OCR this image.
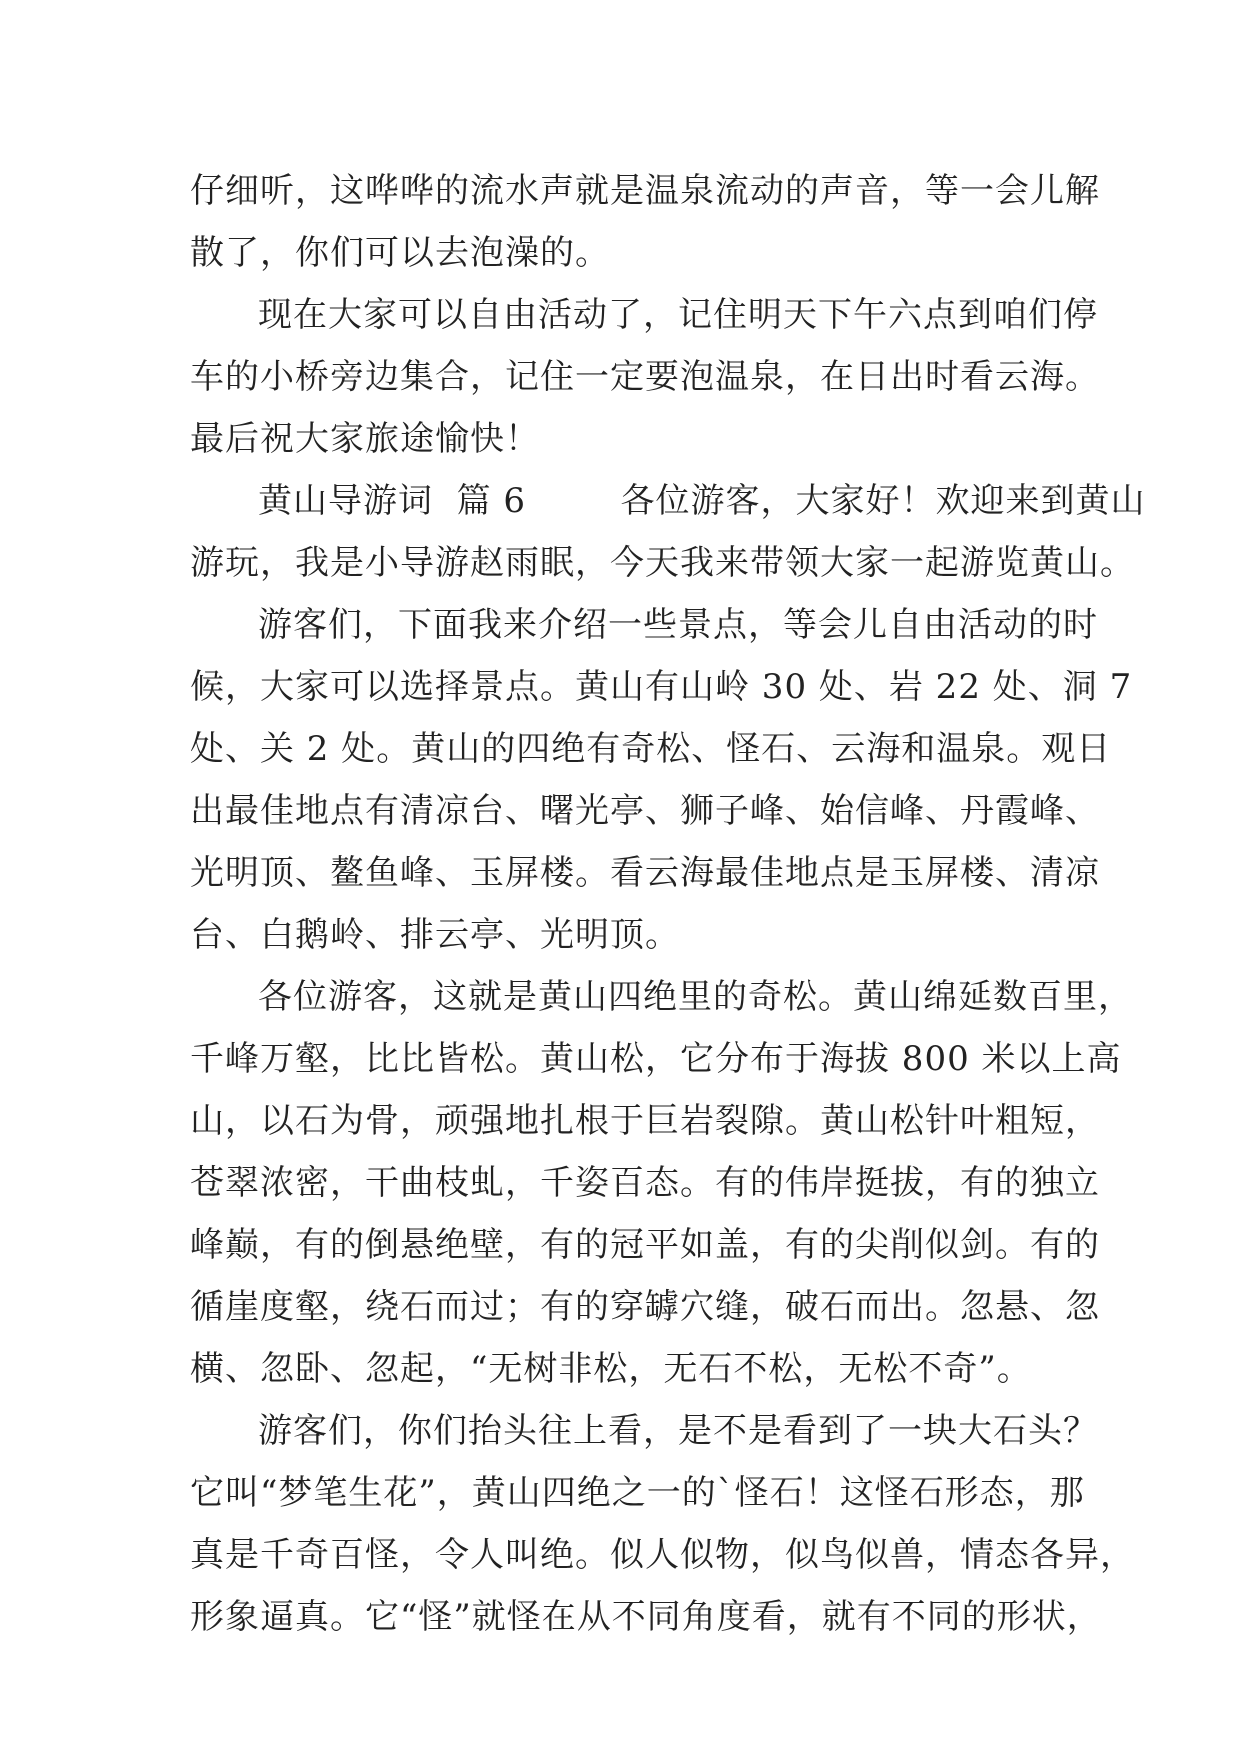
仔细听，这哗哗的流水声就是温泉流动的声音，等一会儿解
散了，你们可以去泡澡的。
现在大家可以自由活动了，记住明天下午六点到咱们停
车的小桥旁边集合，记住一定要泡温泉，在日出时看云海。
最后祝大家旅途愉快！
黄山导游词  篇 6        各位游客，大家好！欢迎来到黄山
游玩，我是小导游赵雨眠，今天我来带领大家一起游览黄山。
游客们，下面我来介绍一些景点，等会儿自由活动的时
候，大家可以选择景点。黄山有山岭 30 处、岩 22 处、洞 7
处、关 2 处。黄山的四绝有奇松、怪石、云海和温泉。观日
出最佳地点有清凉台、曙光亭、狮子峰、始信峰、丹霞峰、
光明顶、鳌鱼峰、玉屏楼。看云海最佳地点是玉屏楼、清凉
台、白鹅岭、排云亭、光明顶。
各位游客，这就是黄山四绝里的奇松。黄山绵延数百里，
千峰万壑，比比皆松。黄山松，它分布于海拔 800 米以上高
山，以石为骨，顽强地扎根于巨岩裂隙。黄山松针叶粗短，
苍翠浓密，干曲枝虬，千姿百态。有的伟岸挺拔，有的独立
峰巅，有的倒悬绝壁，有的冠平如盖，有的尖削似剑。有的
循崖度壑，绕石而过；有的穿罅穴缝，破石而出。忽悬、忽
横、忽卧、忽起，“无树非松，无石不松，无松不奇”。
游客们，你们抬头往上看，是不是看到了一块大石头？
它叫“梦笔生花”，黄山四绝之一的`怪石！这怪石形态，那
真是千奇百怪，令人叫绝。似人似物，似鸟似兽，情态各异，
形象逼真。它“怪”就怪在从不同角度看，就有不同的形状，
